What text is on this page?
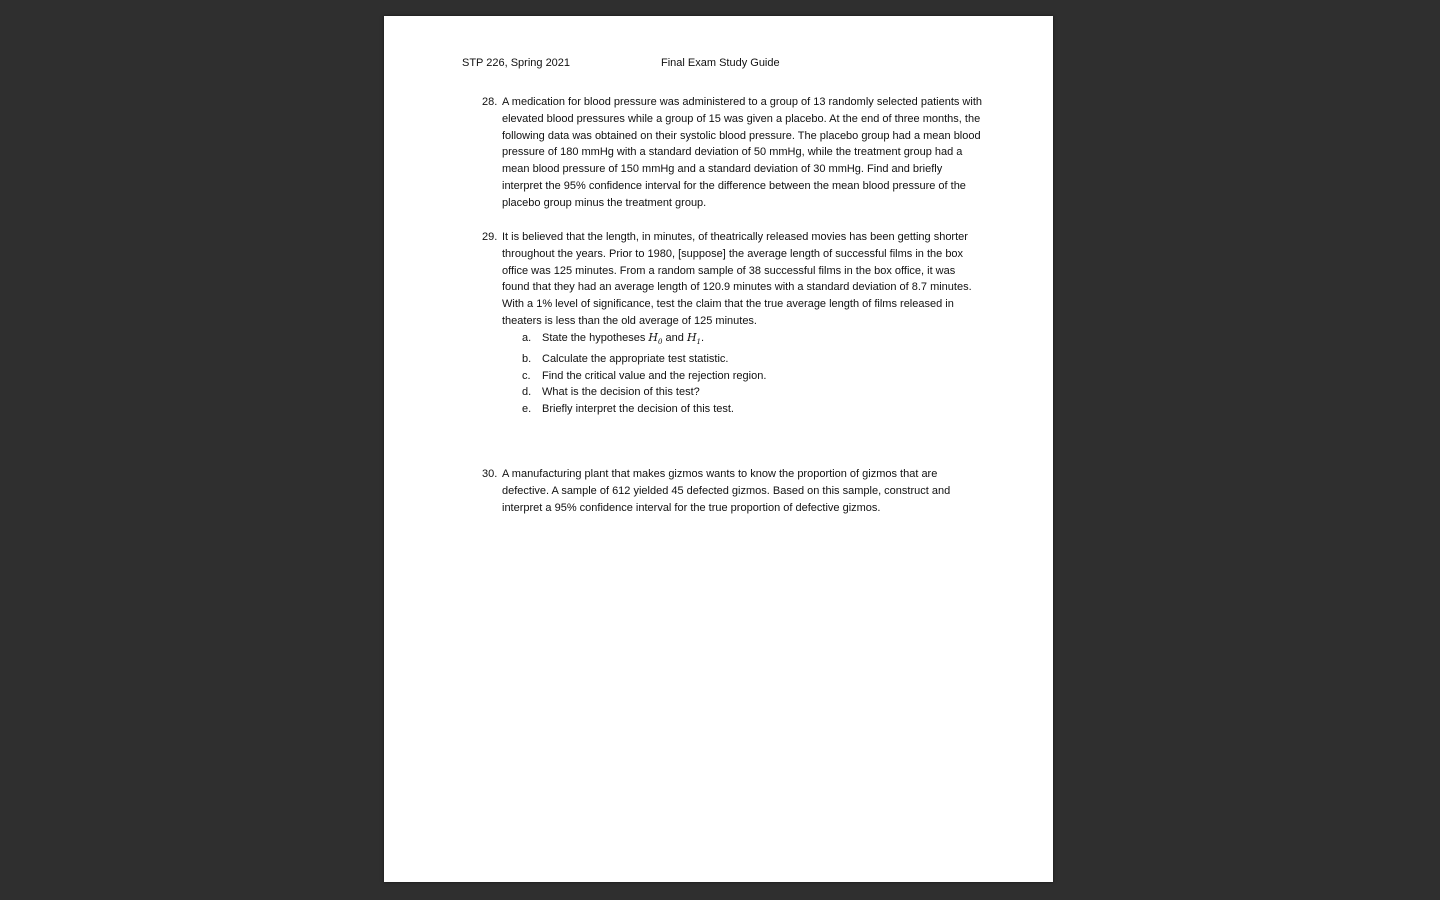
STP 226, Spring 2021	Final Exam Study Guide
28. A medication for blood pressure was administered to a group of 13 randomly selected patients with elevated blood pressures while a group of 15 was given a placebo. At the end of three months, the following data was obtained on their systolic blood pressure. The placebo group had a mean blood pressure of 180 mmHg with a standard deviation of 50 mmHg, while the treatment group had a mean blood pressure of 150 mmHg and a standard deviation of 30 mmHg. Find and briefly interpret the 95% confidence interval for the difference between the mean blood pressure of the placebo group minus the treatment group.

29. It is believed that the length, in minutes, of theatrically released movies has been getting shorter throughout the years. Prior to 1980, [suppose] the average length of successful films in the box office was 125 minutes. From a random sample of 38 successful films in the box office, it was found that they had an average length of 120.9 minutes with a standard deviation of 8.7 minutes. With a 1% level of significance, test the claim that the true average length of films released in theaters is less than the old average of 125 minutes.

a. State the hypotheses $H_0$ and $H_1$.
b. Calculate the appropriate test statistic.
c. Find the critical value and the rejection region.
d. What is the decision of this test?
e. Briefly interpret the decision of this test.
30. A manufacturing plant that makes gizmos wants to know the proportion of gizmos that are defective. A sample of 612 yielded 45 defected gizmos. Based on this sample, construct and interpret a 95% confidence interval for the true proportion of defective gizmos.
